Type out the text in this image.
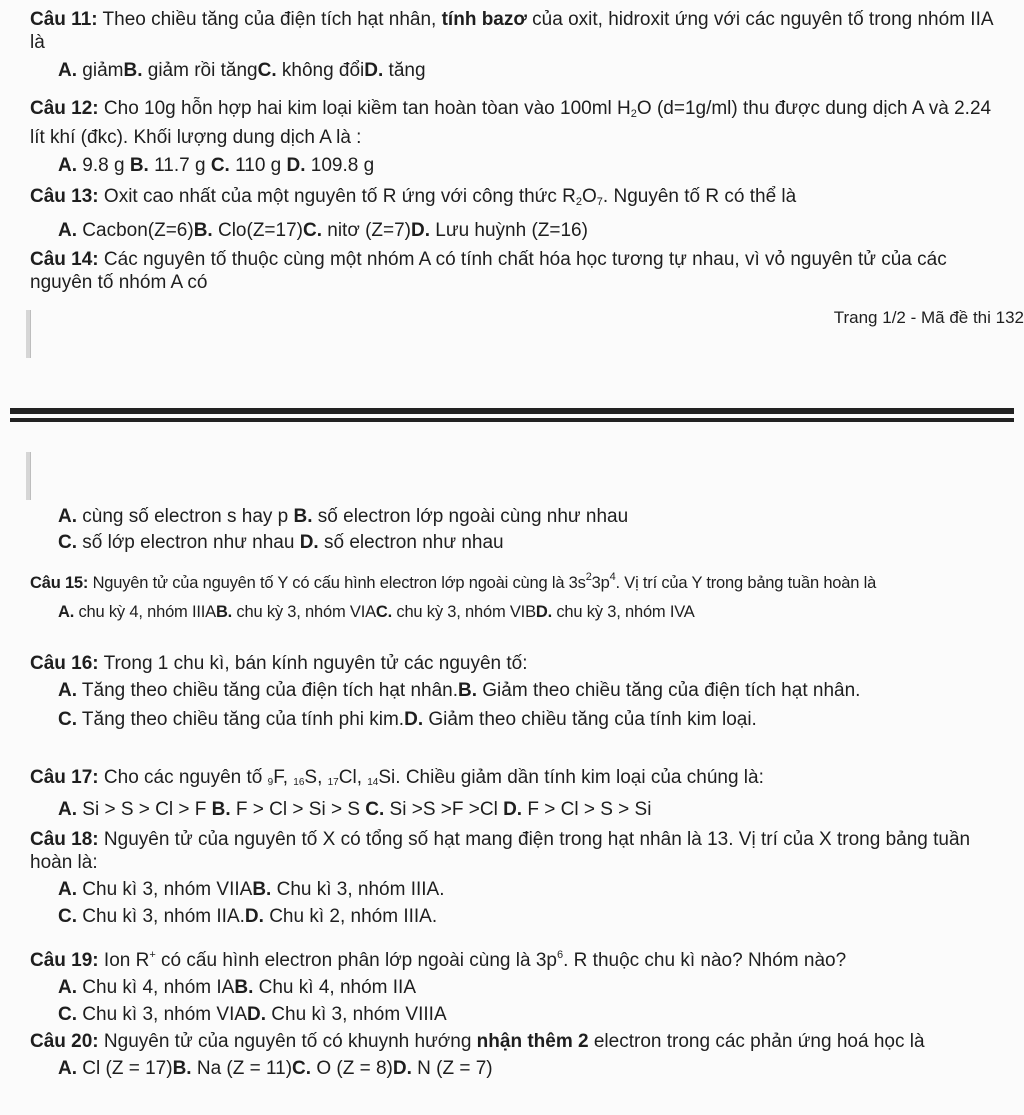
Câu 11: Theo chiều tăng của điện tích hạt nhân, tính bazơ của oxit, hidroxit ứng với các nguyên tố trong nhóm IIA là
A. giảmB. giảm rồi tăngC. không đổiD. tăng
Câu 12: Cho 10g hỗn hợp hai kim loại kiềm tan hoàn tòan vào 100ml $H_2O$ (d=1g/ml) thu được dung dịch A và 2.24 lít khí (đkc). Khối lượng dung dịch A là :
A. 9.8 g B. 11.7 g C. 110 g D. 109.8 g
Câu 13: Oxit cao nhất của một nguyên tố R ứng với công thức $R_2O_7$. Nguyên tố R có thể là
A. Cacbon(Z=6)B. Clo(Z=17)C. nitơ (Z=7)D. Lưu huỳnh (Z=16)
Câu 14: Các nguyên tố thuộc cùng một nhóm A có tính chất hóa học tương tự nhau, vì vỏ nguyên tử của các nguyên tố nhóm A có
Trang 1/2 - Mã đề thi 132
A. cùng số electron s hay p B. số electron lớp ngoài cùng như nhau
C. số lớp electron như nhau D. số electron như nhau
Câu 15: Nguyên tử của nguyên tố Y có cấu hình electron lớp ngoài cùng là $3s^23p^4$. Vị trí của Y trong bảng tuần hoàn là
A. chu kỳ 4, nhóm IIIAB. chu kỳ 3, nhóm VIAC. chu kỳ 3, nhóm VIBD. chu kỳ 3, nhóm IVA
Câu 16: Trong 1 chu kì, bán kính nguyên tử các nguyên tố:
A. Tăng theo chiều tăng của điện tích hạt nhân.B. Giảm theo chiều tăng của điện tích hạt nhân.
C. Tăng theo chiều tăng của tính phi kim.D. Giảm theo chiều tăng của tính kim loại.
Câu 17: Cho các nguyên tố 9F, 16S, 17Cl, 14Si. Chiều giảm dần tính kim loại của chúng là:
A. Si > S > Cl > F B. F > Cl > Si > S C. Si >S >F >Cl D. F > Cl > S > Si
Câu 18: Nguyên tử của nguyên tố X có tổng số hạt mang điện trong hạt nhân là 13. Vị trí của X trong bảng tuần hoàn là:
A. Chu kì 3, nhóm VIIAB. Chu kì 3, nhóm IIIA.
C. Chu kì 3, nhóm IIA.D. Chu kì 2, nhóm IIIA.
Câu 19: Ion R+ có cấu hình electron phân lớp ngoài cùng là $3p^6$. R thuộc chu kì nào? Nhóm nào?
A. Chu kì 4, nhóm IAB. Chu kì 4, nhóm IIA
C. Chu kì 3, nhóm VIAD. Chu kì 3, nhóm VIIIA
Câu 20: Nguyên tử của nguyên tố có khuynh hướng nhận thêm 2 electron trong các phản ứng hoá học là
A. Cl (Z = 17)B. Na (Z = 11)C. O (Z = 8)D. N (Z = 7)
